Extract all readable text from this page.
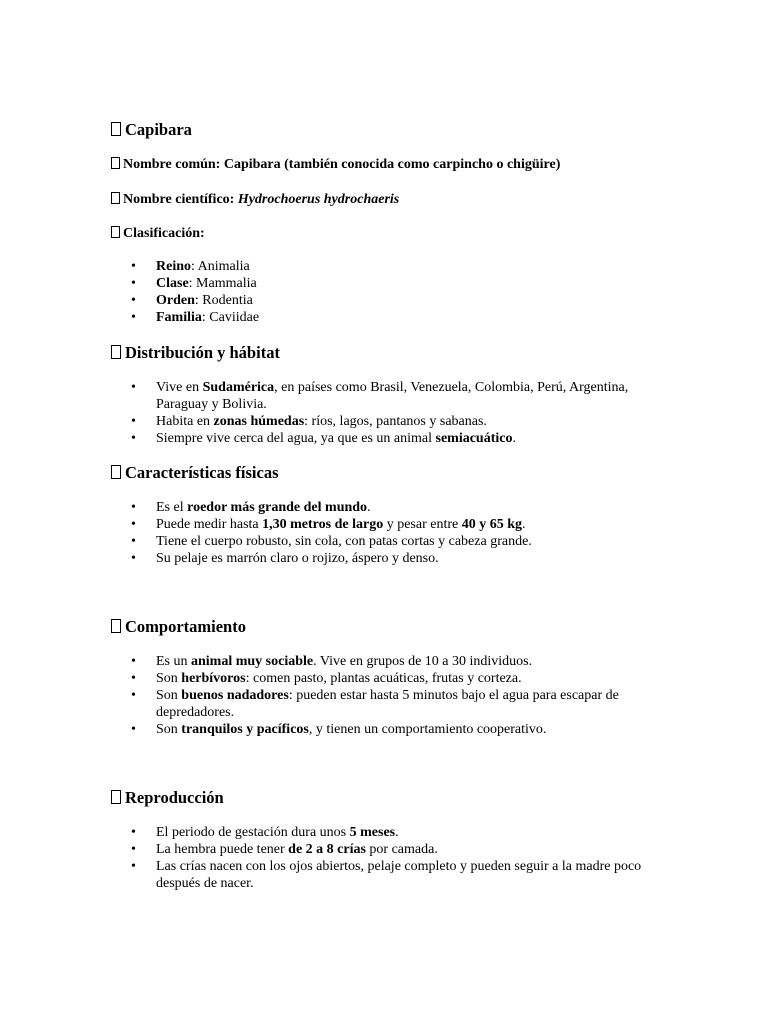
Capibara
Nombre común: Capibara (también conocida como carpincho o chigüire)
Nombre científico: Hydrochoerus hydrochaeris
Clasificación:
• Reino: Animalia
• Clase: Mammalia
• Orden: Rodentia
• Familia: Caviidae
Distribución y hábitat
• Vive en Sudamérica, en países como Brasil, Venezuela, Colombia, Perú, Argentina, Paraguay y Bolivia.
• Habita en zonas húmedas: ríos, lagos, pantanos y sabanas.
• Siempre vive cerca del agua, ya que es un animal semiacuático.
Características físicas
• Es el roedor más grande del mundo.
• Puede medir hasta 1,30 metros de largo y pesar entre 40 y 65 kg.
• Tiene el cuerpo robusto, sin cola, con patas cortas y cabeza grande.
• Su pelaje es marrón claro o rojizo, áspero y denso.
Comportamiento
• Es un animal muy sociable. Vive en grupos de 10 a 30 individuos.
• Son herbívoros: comen pasto, plantas acuáticas, frutas y corteza.
• Son buenos nadadores: pueden estar hasta 5 minutos bajo el agua para escapar de depredadores.
• Son tranquilos y pacíficos, y tienen un comportamiento cooperativo.
Reproducción
• El periodo de gestación dura unos 5 meses.
• La hembra puede tener de 2 a 8 crías por camada.
• Las crías nacen con los ojos abiertos, pelaje completo y pueden seguir a la madre poco después de nacer.
